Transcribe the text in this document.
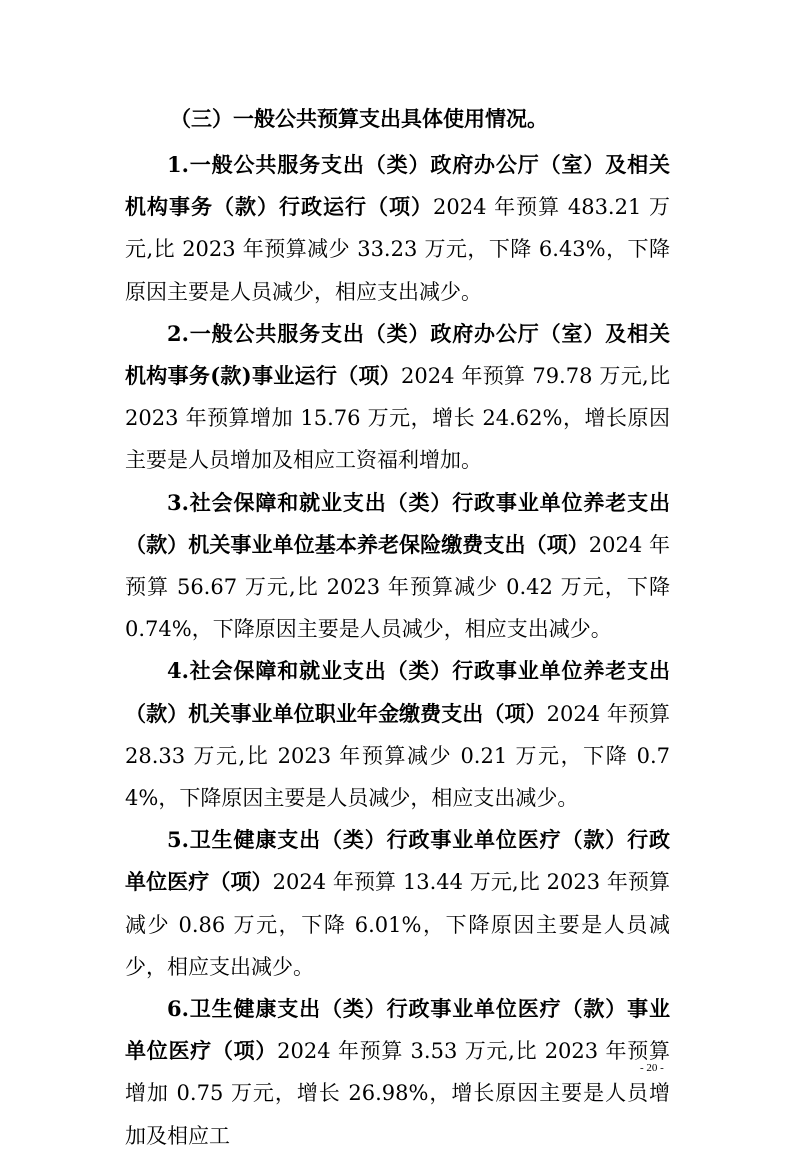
（三）一般公共预算支出具体使用情况。

1.一般公共服务支出（类）政府办公厅（室）及相关机构事务（款）行政运行（项）2024 年预算 483.21 万元,比 2023 年预算减少 33.23 万元，下降 6.43%，下降原因主要是人员减少，相应支出减少。

2.一般公共服务支出（类）政府办公厅（室）及相关机构事务(款)事业运行（项）2024 年预算 79.78 万元,比 2023 年预算增加 15.76 万元，增长 24.62%，增长原因主要是人员增加及相应工资福利增加。

3.社会保障和就业支出（类）行政事业单位养老支出（款）机关事业单位基本养老保险缴费支出（项）2024 年预算 56.67 万元,比 2023 年预算减少 0.42 万元，下降 0.74%，下降原因主要是人员减少，相应支出减少。

4.社会保障和就业支出（类）行政事业单位养老支出（款）机关事业单位职业年金缴费支出（项）2024 年预算 28.33 万元,比 2023 年预算减少 0.21 万元，下降 0.74%，下降原因主要是人员减少，相应支出减少。

5.卫生健康支出（类）行政事业单位医疗（款）行政单位医疗（项）2024 年预算 13.44 万元,比 2023 年预算减少 0.86 万元，下降 6.01%，下降原因主要是人员减少，相应支出减少。

6.卫生健康支出（类）行政事业单位医疗（款）事业单位医疗（项）2024 年预算 3.53 万元,比 2023 年预算增加 0.75 万元，增长 26.98%，增长原因主要是人员增加及相应工

- 20 -
